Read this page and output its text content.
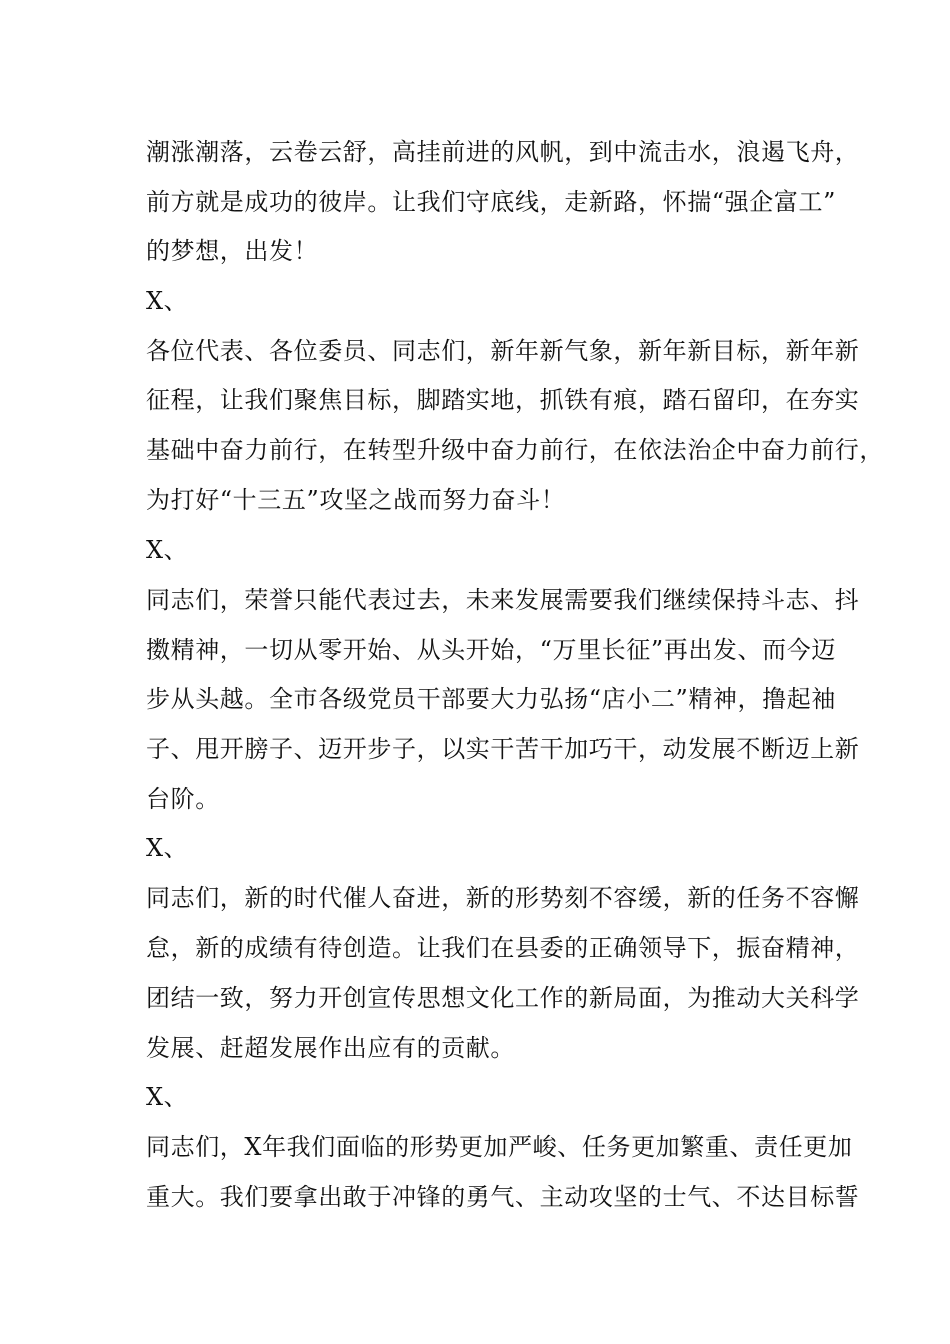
潮涨潮落，云卷云舒，高挂前进的风帆，到中流击水，浪遏飞舟，
前方就是成功的彼岸。让我们守底线，走新路，怀揣“强企富工”
的梦想，出发！
X、
各位代表、各位委员、同志们，新年新气象，新年新目标，新年新
征程，让我们聚焦目标，脚踏实地，抓铁有痕，踏石留印，在夯实
基础中奋力前行，在转型升级中奋力前行，在依法治企中奋力前行，
为打好“十三五”攻坚之战而努力奋斗！
X、
同志们，荣誉只能代表过去，未来发展需要我们继续保持斗志、抖
擞精神，一切从零开始、从头开始，“万里长征”再出发、而今迈
步从头越。全市各级党员干部要大力弘扬“店小二”精神，撸起袖
子、甩开膀子、迈开步子，以实干苦干加巧干，动发展不断迈上新
台阶。
X、
同志们，新的时代催人奋进，新的形势刻不容缓，新的任务不容懈
怠，新的成绩有待创造。让我们在县委的正确领导下，振奋精神，
团结一致，努力开创宣传思想文化工作的新局面，为推动大关科学
发展、赶超发展作出应有的贡献。
X、
同志们，X年我们面临的形势更加严峻、任务更加繁重、责任更加
重大。我们要拿出敢于冲锋的勇气、主动攻坚的士气、不达目标誓
